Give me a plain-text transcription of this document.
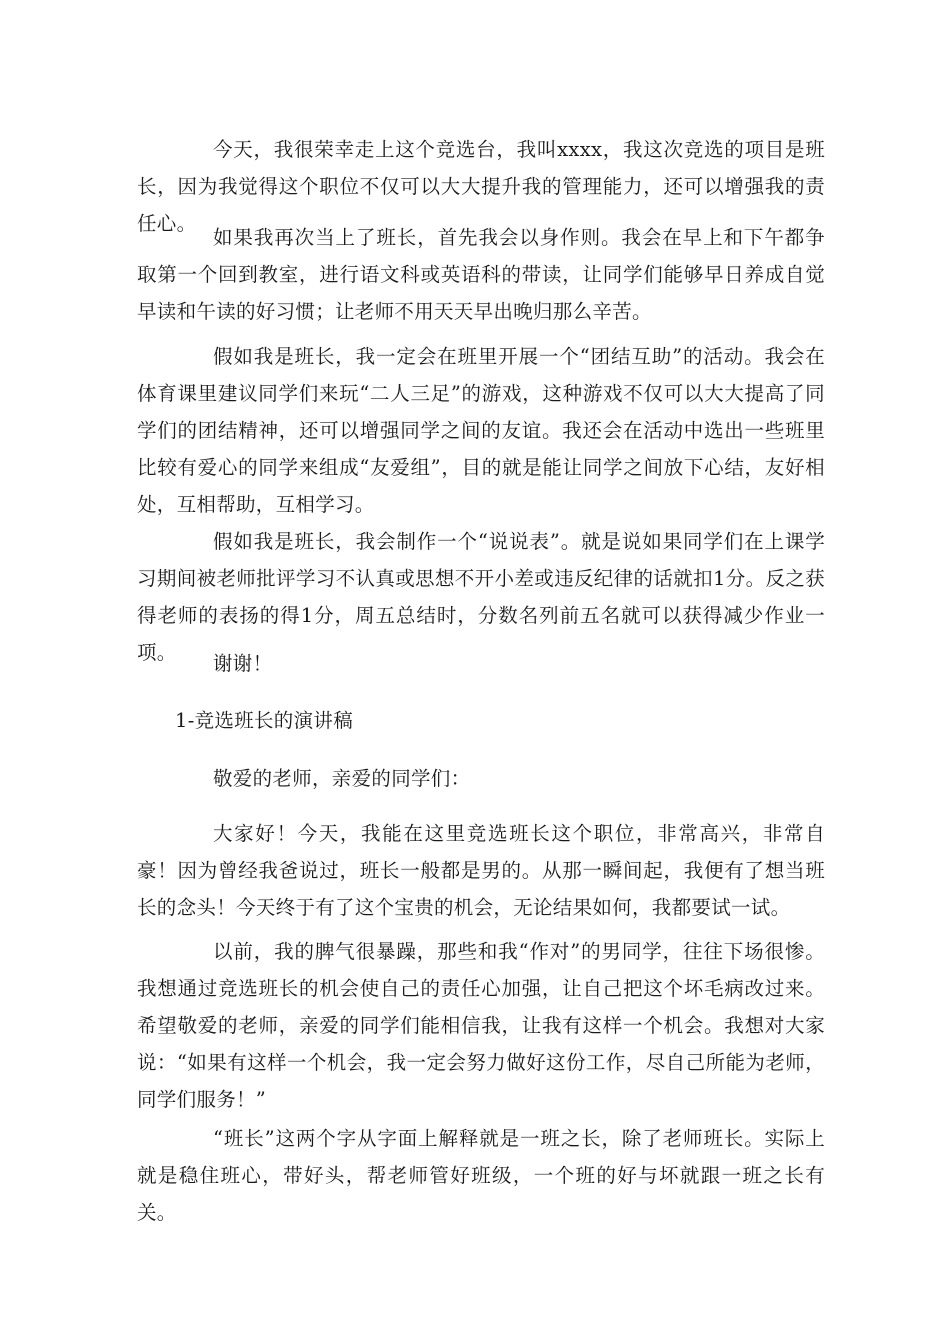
今天，我很荣幸走上这个竞选台，我叫xxxx，我这次竞选的项目是班长，因为我觉得这个职位不仅可以大大提升我的管理能力，还可以增强我的责任心。

如果我再次当上了班长，首先我会以身作则。我会在早上和下午都争取第一个回到教室，进行语文科或英语科的带读，让同学们能够早日养成自觉早读和午读的好习惯；让老师不用天天早出晚归那么辛苦。

假如我是班长，我一定会在班里开展一个“团结互助”的活动。我会在体育课里建议同学们来玩“二人三足”的游戏，这种游戏不仅可以大大提高了同学们的团结精神，还可以增强同学之间的友谊。我还会在活动中选出一些班里比较有爱心的同学来组成“友爱组”，目的就是能让同学之间放下心结，友好相处，互相帮助，互相学习。

假如我是班长，我会制作一个“说说表”。就是说如果同学们在上课学习期间被老师批评学习不认真或思想不开小差或违反纪律的话就扣1分。反之获得老师的表扬的得1分，周五总结时，分数名列前五名就可以获得减少作业一项。	谢谢！

1-竞选班长的演讲稿

敬爱的老师，亲爱的同学们：

大家好！今天，我能在这里竞选班长这个职位，非常高兴，非常自豪！因为曾经我爸说过，班长一般都是男的。从那一瞬间起，我便有了想当班长的念头！今天终于有了这个宝贵的机会，无论结果如何，我都要试一试。

以前，我的脾气很暴躁，那些和我“作对”的男同学，往往下场很惨。我想通过竞选班长的机会使自己的责任心加强，让自己把这个坏毛病改过来。希望敬爱的老师，亲爱的同学们能相信我，让我有这样一个机会。我想对大家说：“如果有这样一个机会，我一定会努力做好这份工作，尽自己所能为老师，同学们服务！”

“班长”这两个字从字面上解释就是一班之长，除了老师班长。实际上就是稳住班心，带好头，帮老师管好班级，一个班的好与坏就跟一班之长有关。
